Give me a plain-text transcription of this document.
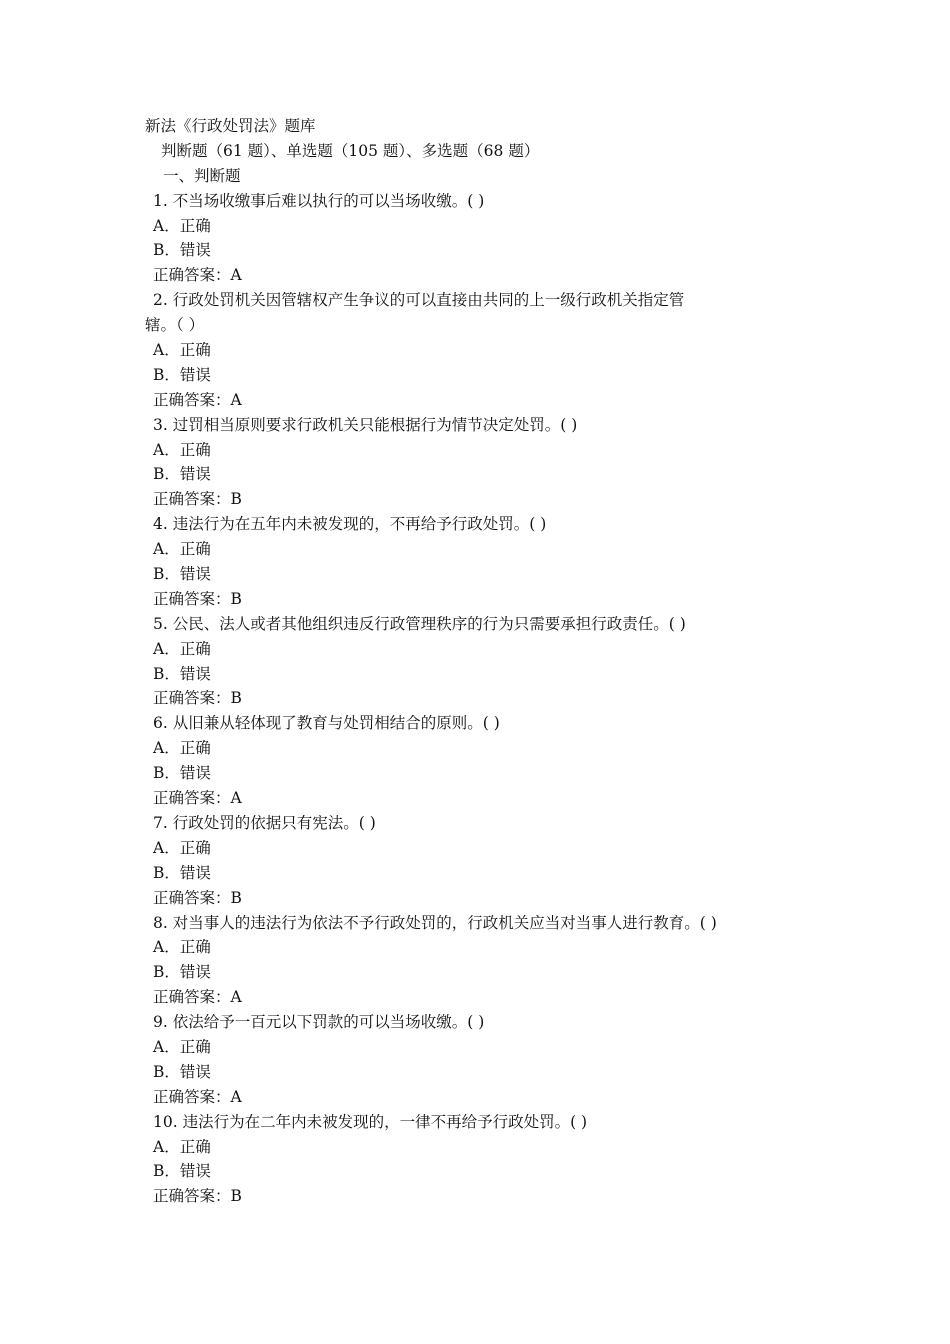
新法《行政处罚法》题库
判断题（61 题）、单选题（105 题）、多选题（68 题）
一、判断题
1. 不当场收缴事后难以执行的可以当场收缴。( )
A．正确
B．错误
正确答案：A
2. 行政处罚机关因管辖权产生争议的可以直接由共同的上一级行政机关指定管
辖。（ ）
A．正确
B．错误
正确答案：A
3. 过罚相当原则要求行政机关只能根据行为情节决定处罚。( )
A．正确
B．错误
正确答案：B
4. 违法行为在五年内未被发现的，不再给予行政处罚。( )
A．正确
B．错误
正确答案：B
5. 公民、法人或者其他组织违反行政管理秩序的行为只需要承担行政责任。( )
A．正确
B．错误
正确答案：B
6. 从旧兼从轻体现了教育与处罚相结合的原则。( )
A．正确
B．错误
正确答案：A
7. 行政处罚的依据只有宪法。( )
A．正确
B．错误
正确答案：B
8. 对当事人的违法行为依法不予行政处罚的，行政机关应当对当事人进行教育。( )
A．正确
B．错误
正确答案：A
9. 依法给予一百元以下罚款的可以当场收缴。( )
A．正确
B．错误
正确答案：A
10. 违法行为在二年内未被发现的，一律不再给予行政处罚。( )
A．正确
B．错误
正确答案：B
